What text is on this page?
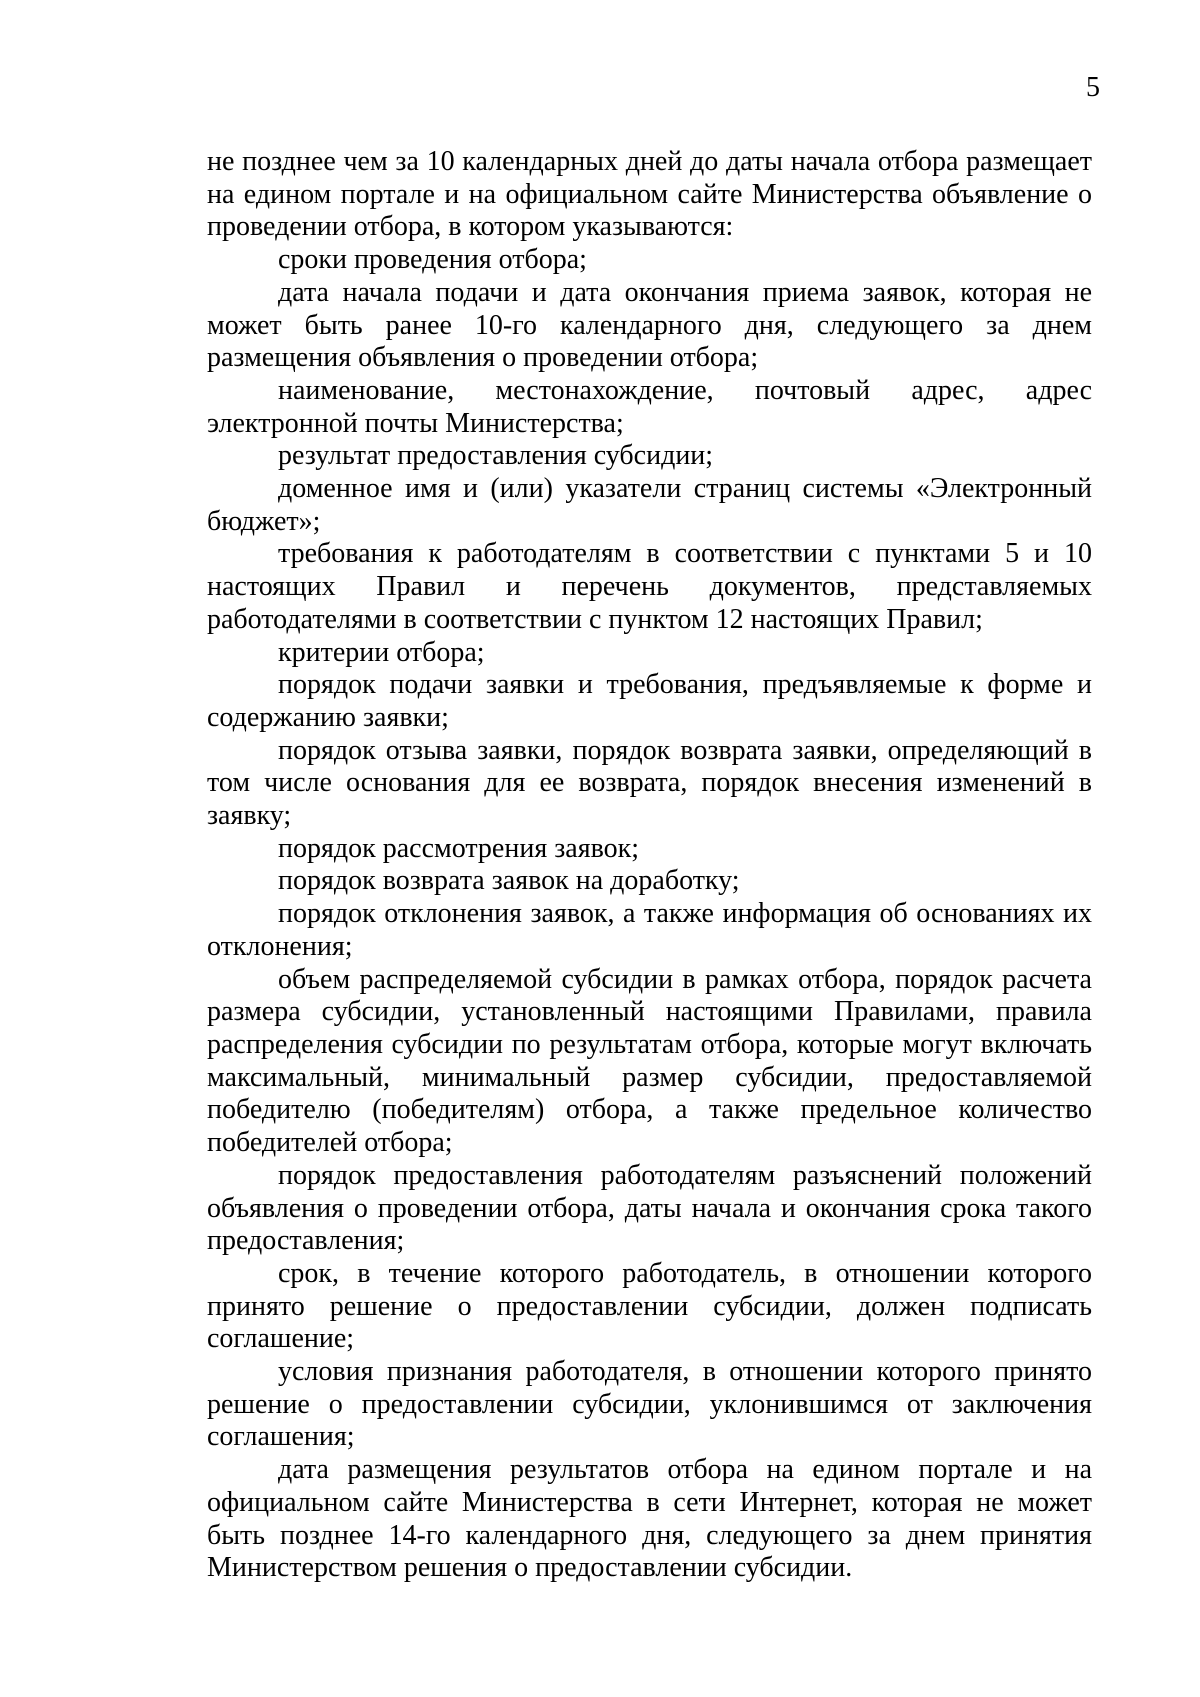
5

не позднее чем за 10 календарных дней до даты начала отбора размещает на едином портале и на официальном сайте Министерства объявление о проведении отбора, в котором указываются:

сроки проведения отбора;

дата начала подачи и дата окончания приема заявок, которая не может быть ранее 10-го календарного дня, следующего за днем размещения объявления о проведении отбора;

наименование, местонахождение, почтовый адрес, адрес электронной почты Министерства;

результат предоставления субсидии;

доменное имя и (или) указатели страниц системы «Электронный бюджет»;

требования к работодателям в соответствии с пунктами 5 и 10 настоящих Правил и перечень документов, представляемых работодателями в соответствии с пунктом 12 настоящих Правил;

критерии отбора;

порядок подачи заявки и требования, предъявляемые к форме и содержанию заявки;

порядок отзыва заявки, порядок возврата заявки, определяющий в том числе основания для ее возврата, порядок внесения изменений в заявку;

порядок рассмотрения заявок;

порядок возврата заявок на доработку;

порядок отклонения заявок, а также информация об основаниях их отклонения;

объем распределяемой субсидии в рамках отбора, порядок расчета размера субсидии, установленный настоящими Правилами, правила распределения субсидии по результатам отбора, которые могут включать максимальный, минимальный размер субсидии, предоставляемой победителю (победителям) отбора, а также предельное количество победителей отбора;

порядок предоставления работодателям разъяснений положений объявления о проведении отбора, даты начала и окончания срока такого предоставления;

срок, в течение которого работодатель, в отношении которого принято решение о предоставлении субсидии, должен подписать соглашение;

условия признания работодателя, в отношении которого принято решение о предоставлении субсидии, уклонившимся от заключения соглашения;

дата размещения результатов отбора на едином портале и на официальном сайте Министерства в сети Интернет, которая не может быть позднее 14-го календарного дня, следующего за днем принятия Министерством решения о предоставлении субсидии.
